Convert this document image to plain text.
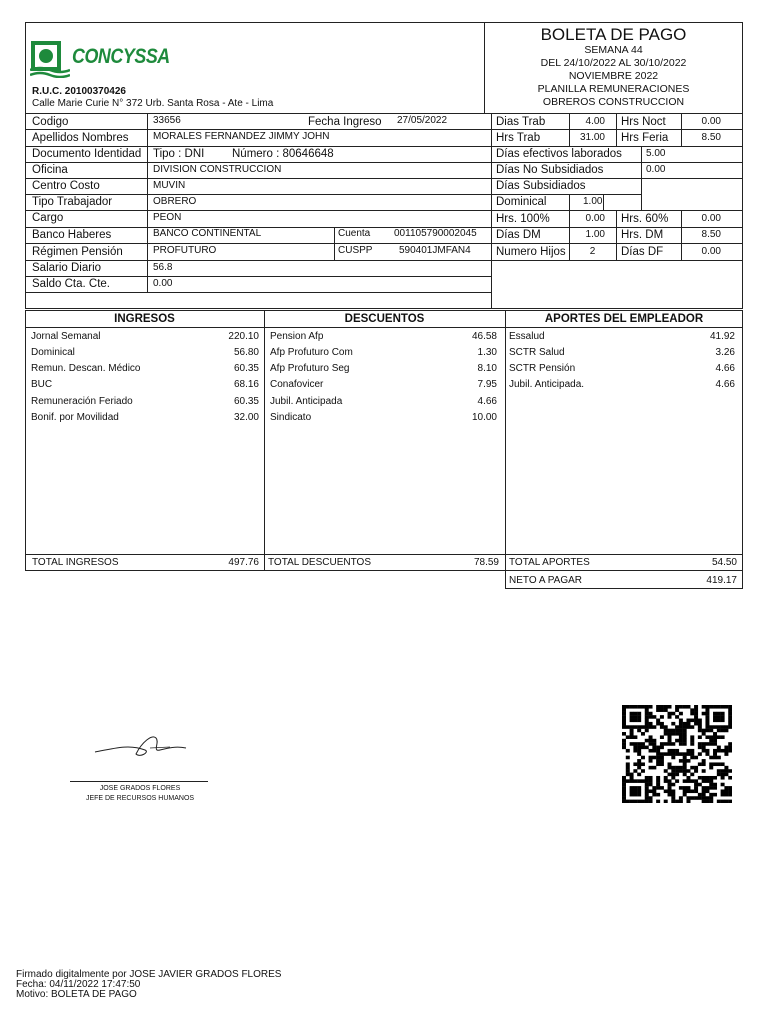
CONCYSSA
R.U.C. 20100370426
Calle Marie Curie N° 372 Urb. Santa Rosa - Ate - Lima
BOLETA DE PAGO
SEMANA 44
DEL 24/10/2022 AL 30/10/2022
NOVIEMBRE 2022
PLANILLA REMUNERACIONES
OBREROS CONSTRUCCION
Codigo	33656	Fecha Ingreso 27/05/2022
Apellidos Nombres MORALES FERNANDEZ JIMMY JOHN
Documento Identidad Tipo : DNI Número : 80646648
Oficina	DIVISION CONSTRUCCION
Centro Costo	MUVIN
Tipo Trabajador	OBRERO
Cargo	PEON
Banco Haberes	BANCO CONTINENTAL	Cuenta 001105790002045
Régimen Pensión	PROFUTURO	CUSPP	590401JMFAN4
Salario Diario	56.8
Saldo Cta. Cte.	0.00
Dias Trab	4.00 Hrs Noct	0.00
Hrs Trab	31.00 Hrs Feria	8.50
Días efectivos laborados 5.00
Días No Subsidiados	0.00
Días Subsidiados
Dominical	1.00
Hrs. 100%	0.00 Hrs. 60%	0.00
Días DM	1.00 Hrs. DM	8.50
Numero Hijos	2	Días DF	0.00
INGRESOS	DESCUENTOS	APORTES DEL EMPLEADOR
Jornal Semanal	220.10
Dominical	56.80
Remun. Descan. Médico	60.35
BUC	68.16
Remuneración Feriado	60.35
Bonif. por Movilidad	32.00
Pension Afp	46.58
Afp Profuturo Com	1.30
Afp Profuturo Seg	8.10
Conafovicer	7.95
Jubil. Anticipada	4.66
Sindicato	10.00
Essalud	41.92
SCTR Salud	3.26
SCTR Pensión	4.66
Jubil. Anticipada.	4.66
TOTAL INGRESOS	497.76 TOTAL DESCUENTOS	78.59 TOTAL APORTES	54.50
NETO A PAGAR	419.17
JOSE GRADOS FLORES
JEFE DE RECURSOS HUMANOS
Firmado digitalmente por JOSE JAVIER GRADOS FLORES
Fecha: 04/11/2022 17:47:50
Motivo: BOLETA DE PAGO
